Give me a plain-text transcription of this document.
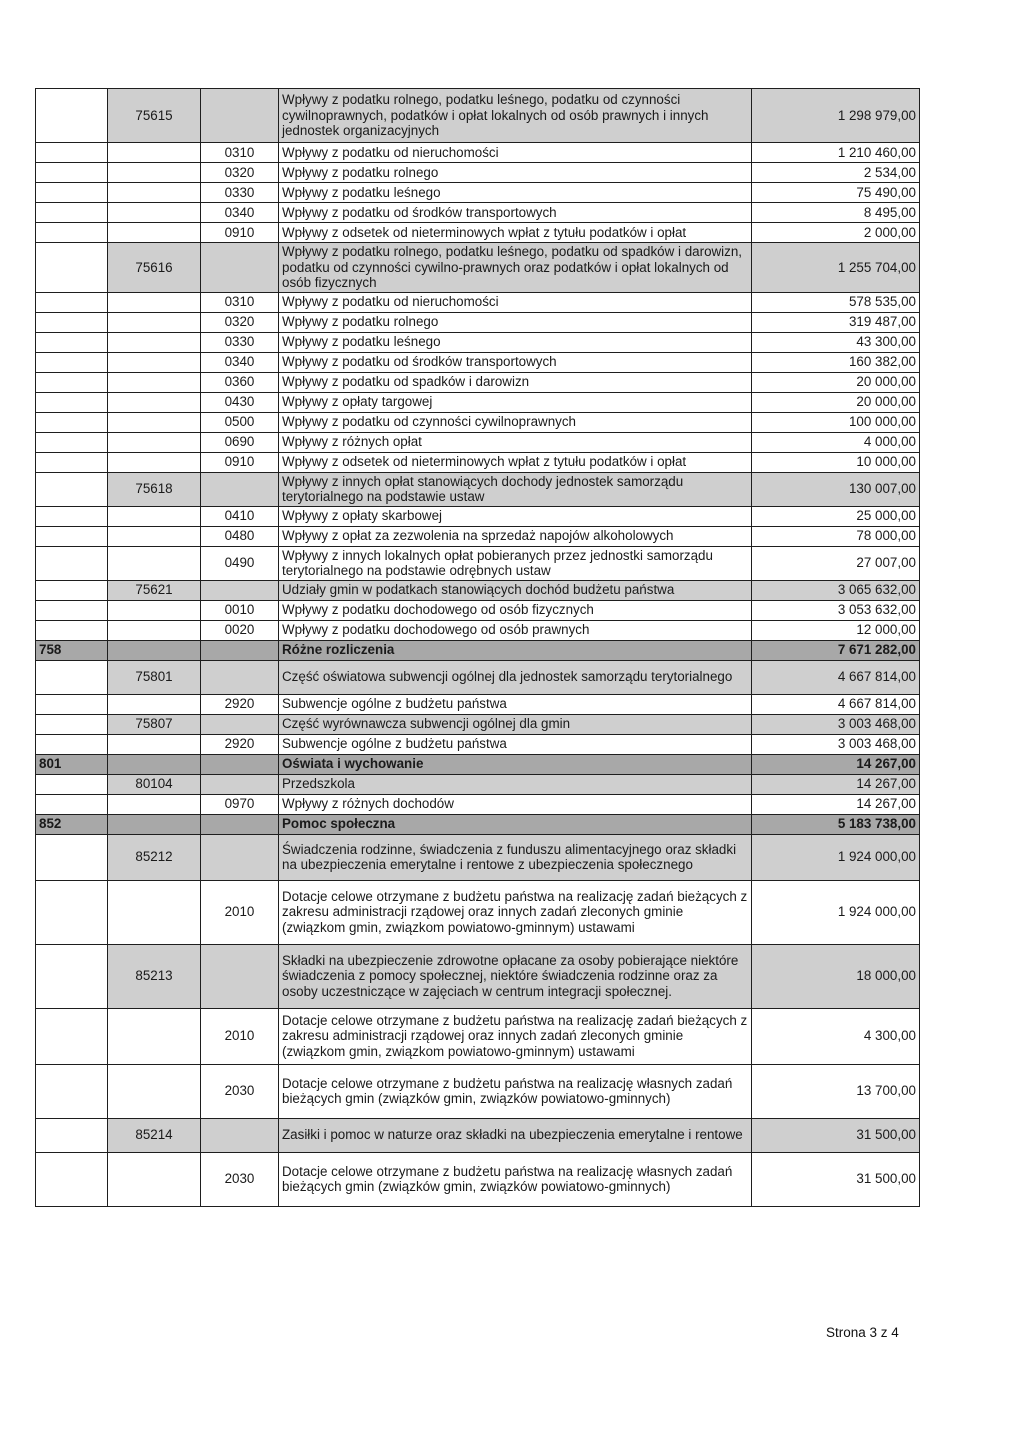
	75615		Wpływy z podatku rolnego, podatku leśnego, podatku od czynności cywilnoprawnych, podatków i opłat lokalnych od osób prawnych i innych jednostek organizacyjnych	1 298 979,00
		0310	Wpływy z podatku od nieruchomości	1 210 460,00
		0320	Wpływy z podatku rolnego	2 534,00
		0330	Wpływy z podatku leśnego	75 490,00
		0340	Wpływy z podatku od środków transportowych	8 495,00
		0910	Wpływy z odsetek od nieterminowych wpłat z tytułu podatków i opłat	2 000,00
	75616		Wpływy z podatku rolnego, podatku leśnego, podatku od spadków i darowizn, podatku od czynności cywilno-prawnych oraz podatków i opłat lokalnych od osób fizycznych	1 255 704,00
		0310	Wpływy z podatku od nieruchomości	578 535,00
		0320	Wpływy z podatku rolnego	319 487,00
		0330	Wpływy z podatku leśnego	43 300,00
		0340	Wpływy z podatku od środków transportowych	160 382,00
		0360	Wpływy z podatku od spadków i darowizn	20 000,00
		0430	Wpływy z opłaty targowej	20 000,00
		0500	Wpływy z podatku od czynności cywilnoprawnych	100 000,00
		0690	Wpływy z różnych opłat	4 000,00
		0910	Wpływy z odsetek od nieterminowych wpłat z tytułu podatków i opłat	10 000,00
	75618		Wpływy z innych opłat stanowiących dochody jednostek samorządu terytorialnego na podstawie ustaw	130 007,00
		0410	Wpływy z opłaty skarbowej	25 000,00
		0480	Wpływy z opłat za zezwolenia na sprzedaż napojów alkoholowych	78 000,00
		0490	Wpływy z innych lokalnych opłat pobieranych przez jednostki samorządu terytorialnego na podstawie odrębnych ustaw	27 007,00
	75621		Udziały gmin w podatkach stanowiących dochód budżetu państwa	3 065 632,00
		0010	Wpływy z podatku dochodowego od osób fizycznych	3 053 632,00
		0020	Wpływy z podatku dochodowego od osób prawnych	12 000,00
758			Różne rozliczenia	7 671 282,00
	75801		Część oświatowa subwencji ogólnej dla jednostek samorządu terytorialnego	4 667 814,00
		2920	Subwencje ogólne z budżetu państwa	4 667 814,00
	75807		Część wyrównawcza subwencji ogólnej dla gmin	3 003 468,00
		2920	Subwencje ogólne z budżetu państwa	3 003 468,00
801			Oświata i wychowanie	14 267,00
	80104		Przedszkola	14 267,00
		0970	Wpływy z różnych dochodów	14 267,00
852			Pomoc społeczna	5 183 738,00
	85212		Świadczenia rodzinne, świadczenia z funduszu alimentacyjnego oraz składki na ubezpieczenia emerytalne i rentowe z ubezpieczenia społecznego	1 924 000,00
		2010	Dotacje celowe otrzymane z budżetu państwa na realizację zadań bieżących z zakresu administracji rządowej oraz innych zadań zleconych gminie (związkom gmin, związkom powiatowo-gminnym) ustawami	1 924 000,00
	85213		Składki na ubezpieczenie zdrowotne opłacane za osoby pobierające niektóre świadczenia z pomocy społecznej, niektóre świadczenia rodzinne oraz za osoby uczestniczące w zajęciach w centrum integracji społecznej.	18 000,00
		2010	Dotacje celowe otrzymane z budżetu państwa na realizację zadań bieżących z zakresu administracji rządowej oraz innych zadań zleconych gminie (związkom gmin, związkom powiatowo-gminnym) ustawami	4 300,00
		2030	Dotacje celowe otrzymane z budżetu państwa na realizację własnych zadań bieżących gmin (związków gmin, związków powiatowo-gminnych)	13 700,00
	85214		Zasiłki i pomoc w naturze oraz składki na ubezpieczenia emerytalne i rentowe	31 500,00
		2030	Dotacje celowe otrzymane z budżetu państwa na realizację własnych zadań bieżących gmin (związków gmin, związków powiatowo-gminnych)	31 500,00
Strona 3 z 4
